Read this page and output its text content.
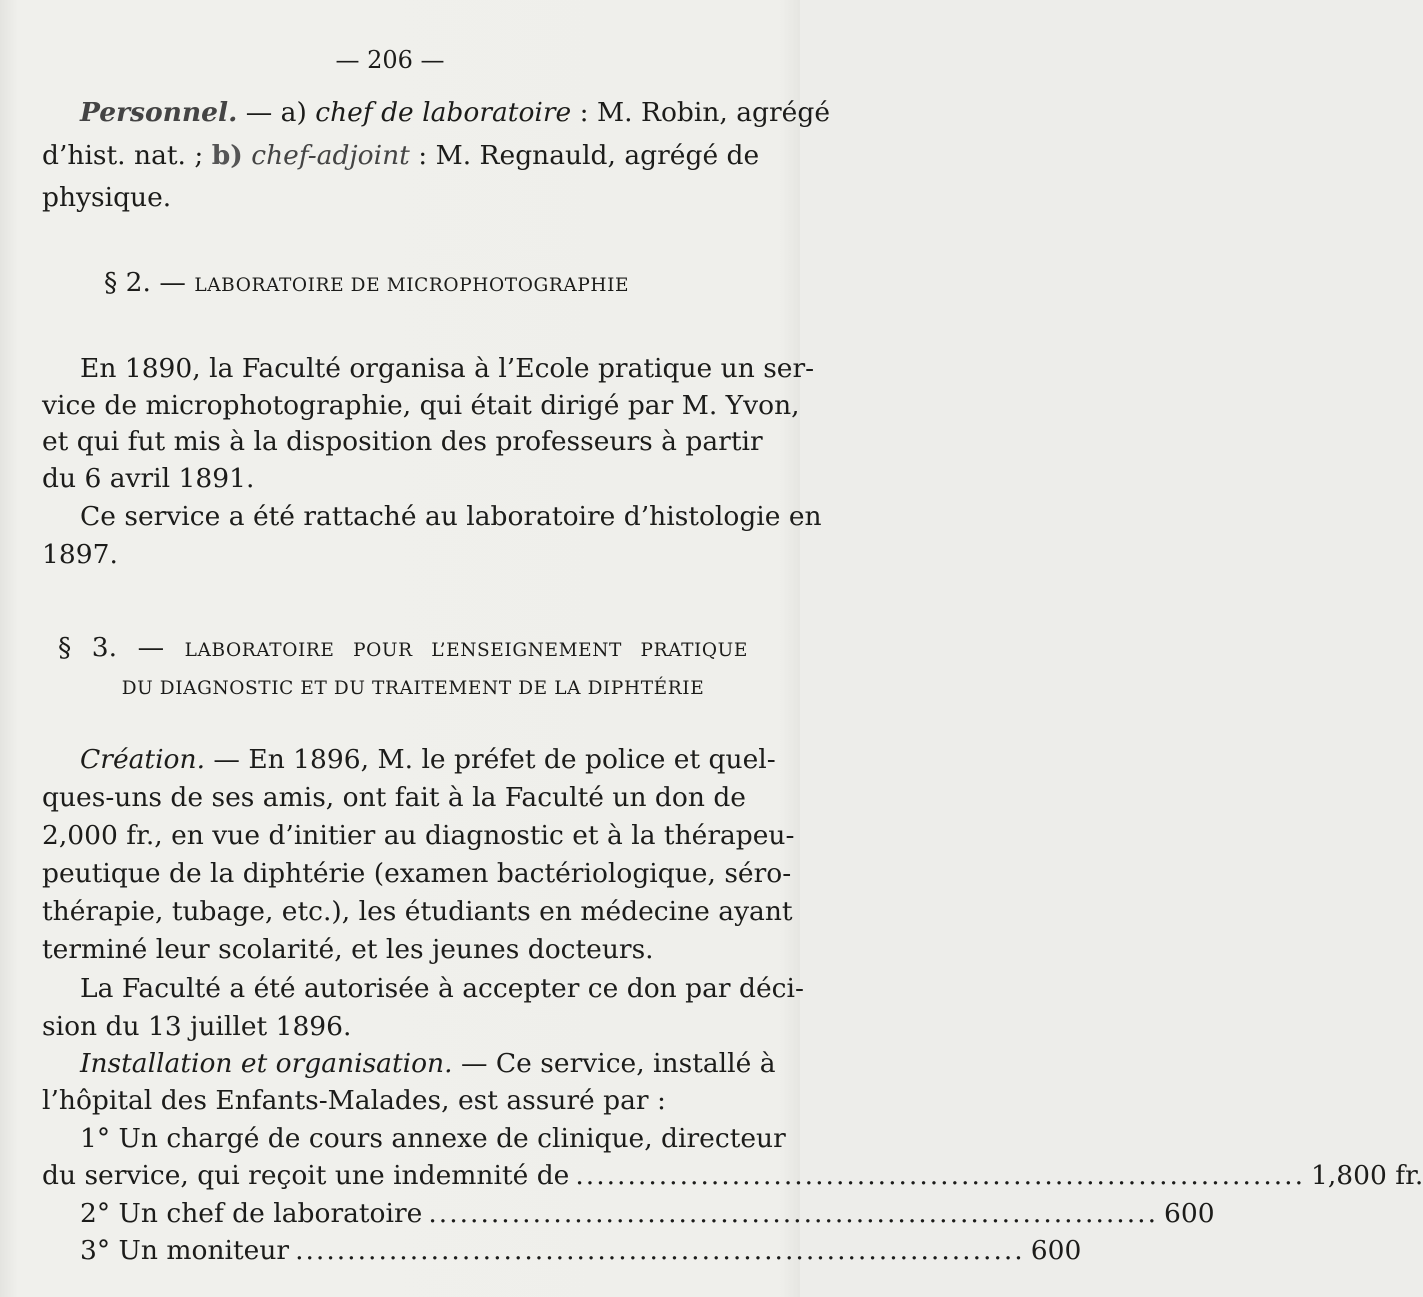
— 206 —
Personnel. — a) chef de laboratoire : M. Robin, agrégé
d’hist. nat. ; b) chef-adjoint : M. Regnauld, agrégé de
physique.
§ 2. — LABORATOIRE DE MICROPHOTOGRAPHIE
En 1890, la Faculté organisa à l’Ecole pratique un ser-
vice de microphotographie, qui était dirigé par M. Yvon,
et qui fut mis à la disposition des professeurs à partir
du 6 avril 1891.
Ce service a été rattaché au laboratoire d’histologie en
1897.
§ 3. — LABORATOIRE POUR L’ENSEIGNEMENT PRATIQUE
DU DIAGNOSTIC ET DU TRAITEMENT DE LA DIPHTÉRIE
Création. — En 1896, M. le préfet de police et quel-
ques-uns de ses amis, ont fait à la Faculté un don de
2,000 fr., en vue d’initier au diagnostic et à la thérapeu-
peutique de la diphtérie (examen bactériologique, séro-
thérapie, tubage, etc.), les étudiants en médecine ayant
terminé leur scolarité, et les jeunes docteurs.
La Faculté a été autorisée à accepter ce don par déci-
sion du 13 juillet 1896.
Installation et organisation. — Ce service, installé à
l’hôpital des Enfants-Malades, est assuré par :
1° Un chargé de cours annexe de clinique, directeur
du service, qui reçoit une indemnité de ...................................................................... 1,800 fr.
2° Un chef de laboratoire ...................................................................... 600
3° Un moniteur ...................................................................... 600
